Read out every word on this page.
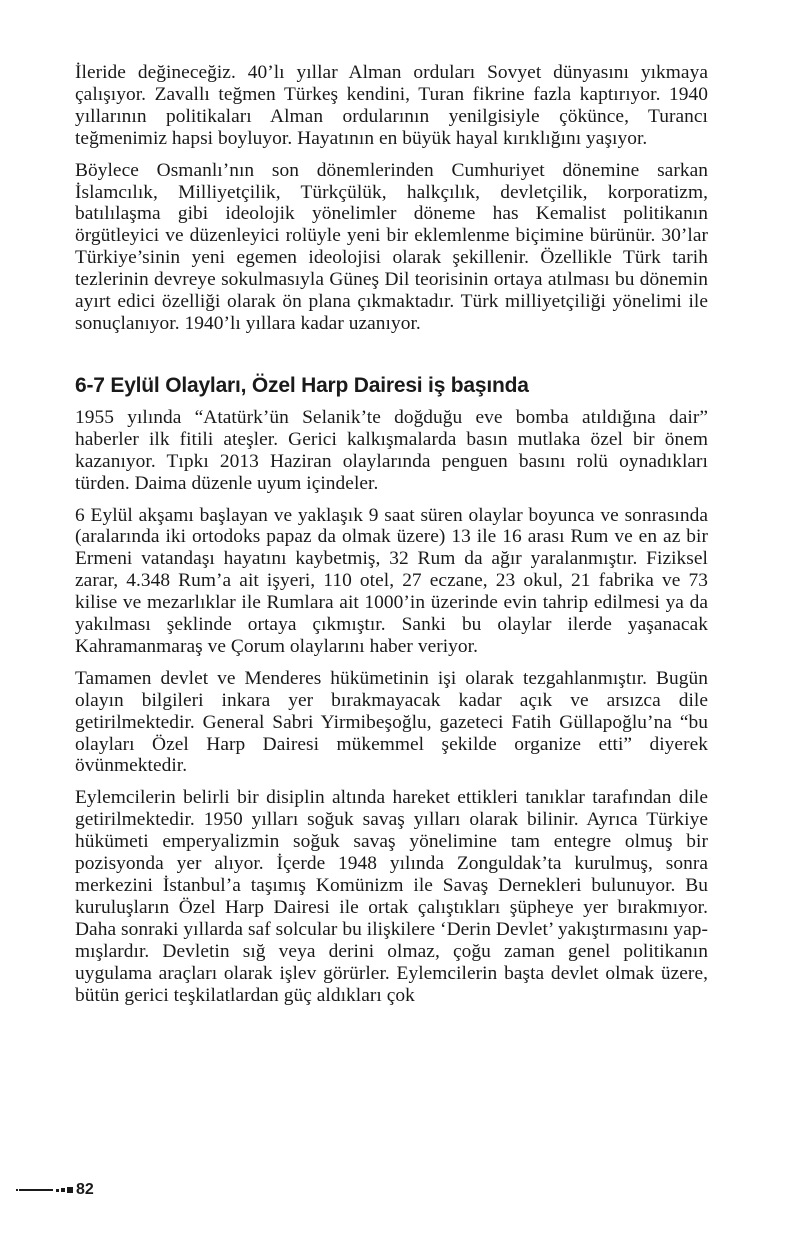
İleride değineceğiz. 40’lı yıllar Alman orduları Sovyet dünyasını yıkmaya çalışıyor. Zavallı teğmen Türkeş kendini, Turan fikrine fazla kaptırıyor. 1940 yıllarının politikaları Alman ordularının yenilgisiyle çökünce, Turancı teğmenimiz hapsi boyluyor. Hayatının en büyük hayal kırıklığını yaşıyor.

Böylece Osmanlı’nın son dönemlerinden Cumhuriyet dönemine sarkan İslamcılık, Milliyetçilik, Türkçülük, halkçılık, devletçilik, korporatizm, batılılaşma gibi ideolojik yönelimler döneme has Kemalist politikanın örgütleyici ve düzenleyici rolüyle yeni bir eklemlenme biçimine bürünür. 30’lar Türkiye’sinin yeni egemen ideolojisi olarak şekillenir. Özellikle Türk tarih tezlerinin devreye sokulmasıyla Güneş Dil teorisinin ortaya atılması bu dönemin ayırt edici özelliği olarak ön plana çıkmaktadır. Türk milliyetçiliği yönelimi ile sonuçlanıyor. 1940’lı yıllara kadar uzanıyor.

6-7 Eylül Olayları, Özel Harp Dairesi iş başında

1955 yılında “Atatürk’ün Selanik’te doğduğu eve bomba atıldığına dair” haberler ilk fitili ateşler. Gerici kalkışmalarda basın mutlaka özel bir önem kazanıyor. Tıpkı 2013 Haziran olaylarında penguen basını rolü oynadıkları türden. Daima düzenle uyum içindeler.

6 Eylül akşamı başlayan ve yaklaşık 9 saat süren olaylar boyunca ve sonrasında (aralarında iki ortodoks papaz da olmak üzere) 13 ile 16 arası Rum ve en az bir Ermeni vatandaşı hayatını kaybetmiş, 32 Rum da ağır yaralanmıştır. Fiziksel zarar, 4.348 Rum’a ait işyeri, 110 otel, 27 eczane, 23 okul, 21 fabrika ve 73 kilise ve mezarlıklar ile Rumlara ait 1000’in üzerinde evin tahrip edilmesi ya da yakılması şeklinde ortaya çıkmıştır. Sanki bu olaylar ilerde yaşanacak Kahramanmaraş ve Çorum olaylarını haber veriyor.

Tamamen devlet ve Menderes hükümetinin işi olarak tezgahlanmıştır. Bugün olayın bilgileri inkara yer bırakmayacak kadar açık ve arsızca dile getirilmektedir. General Sabri Yirmibeşoğlu, gazeteci Fatih Güllapoğlu’na “bu olayları Özel Harp Dairesi mükemmel şekilde organize etti” diyerek övünmektedir.

Eylemcilerin belirli bir disiplin altında hareket ettikleri tanıklar tarafından dile getirilmektedir. 1950 yılları soğuk savaş yılları olarak bilinir. Ayrıca Türkiye hükümeti emperyalizmin soğuk savaş yönelimine tam entegre olmuş bir pozisyonda yer alıyor. İçerde 1948 yılında Zonguldak’ta kurulmuş, sonra merkezini İstanbul’a taşımış Komünizm ile Savaş Dernekleri bulunuyor. Bu kuruluşların Özel Harp Dairesi ile ortak çalıştıkları şüpheye yer bırakmıyor. Daha sonraki yıllarda saf solcular bu ilişkilere ‘Derin Devlet’ yakıştırmasını yapmışlardır. Devletin sığ veya derini olmaz, çoğu zaman genel politikanın uygulama araçları olarak işlev görürler. Eylemcilerin başta devlet olmak üzere, bütün gerici teşkilatlardan güç aldıkları çok

82
